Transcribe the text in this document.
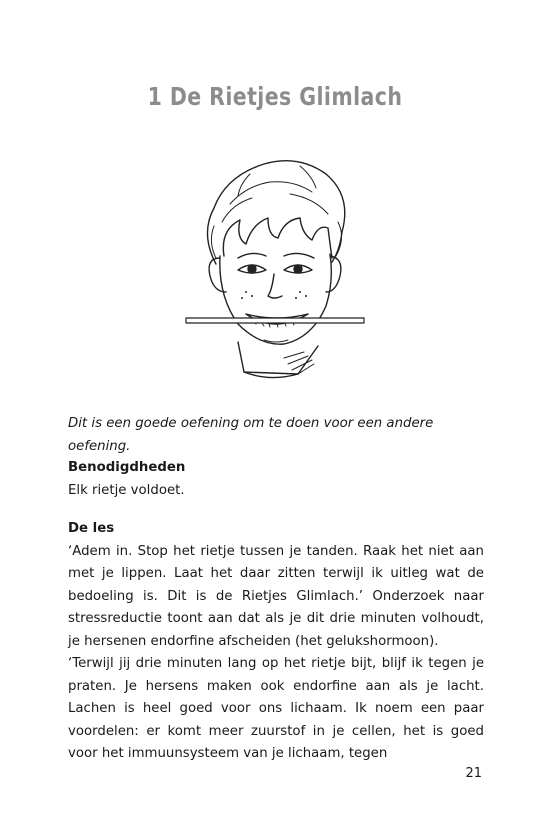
1 De Rietjes Glimlach
Dit is een goede oefening om te doen voor een andere oefening.
Benodigdheden
Elk rietje voldoet.
De les

‘Adem in. Stop het rietje tussen je tanden. Raak het niet aan met je lippen. Laat het daar zitten terwijl ik uitleg wat de bedoeling is. Dit is de Rietjes Glimlach.’ Onderzoek naar stressreductie toont aan dat als je dit drie minuten volhoudt, je hersenen endorfine afscheiden (het gelukshormoon).

‘Terwijl jij drie minuten lang op het rietje bijt, blijf ik tegen je praten. Je hersens maken ook endorfine aan als je lacht. Lachen is heel goed voor ons lichaam. Ik noem een paar voordelen: er komt meer zuurstof in je cellen, het is goed voor het immuunsysteem van je lichaam, tegen

21
